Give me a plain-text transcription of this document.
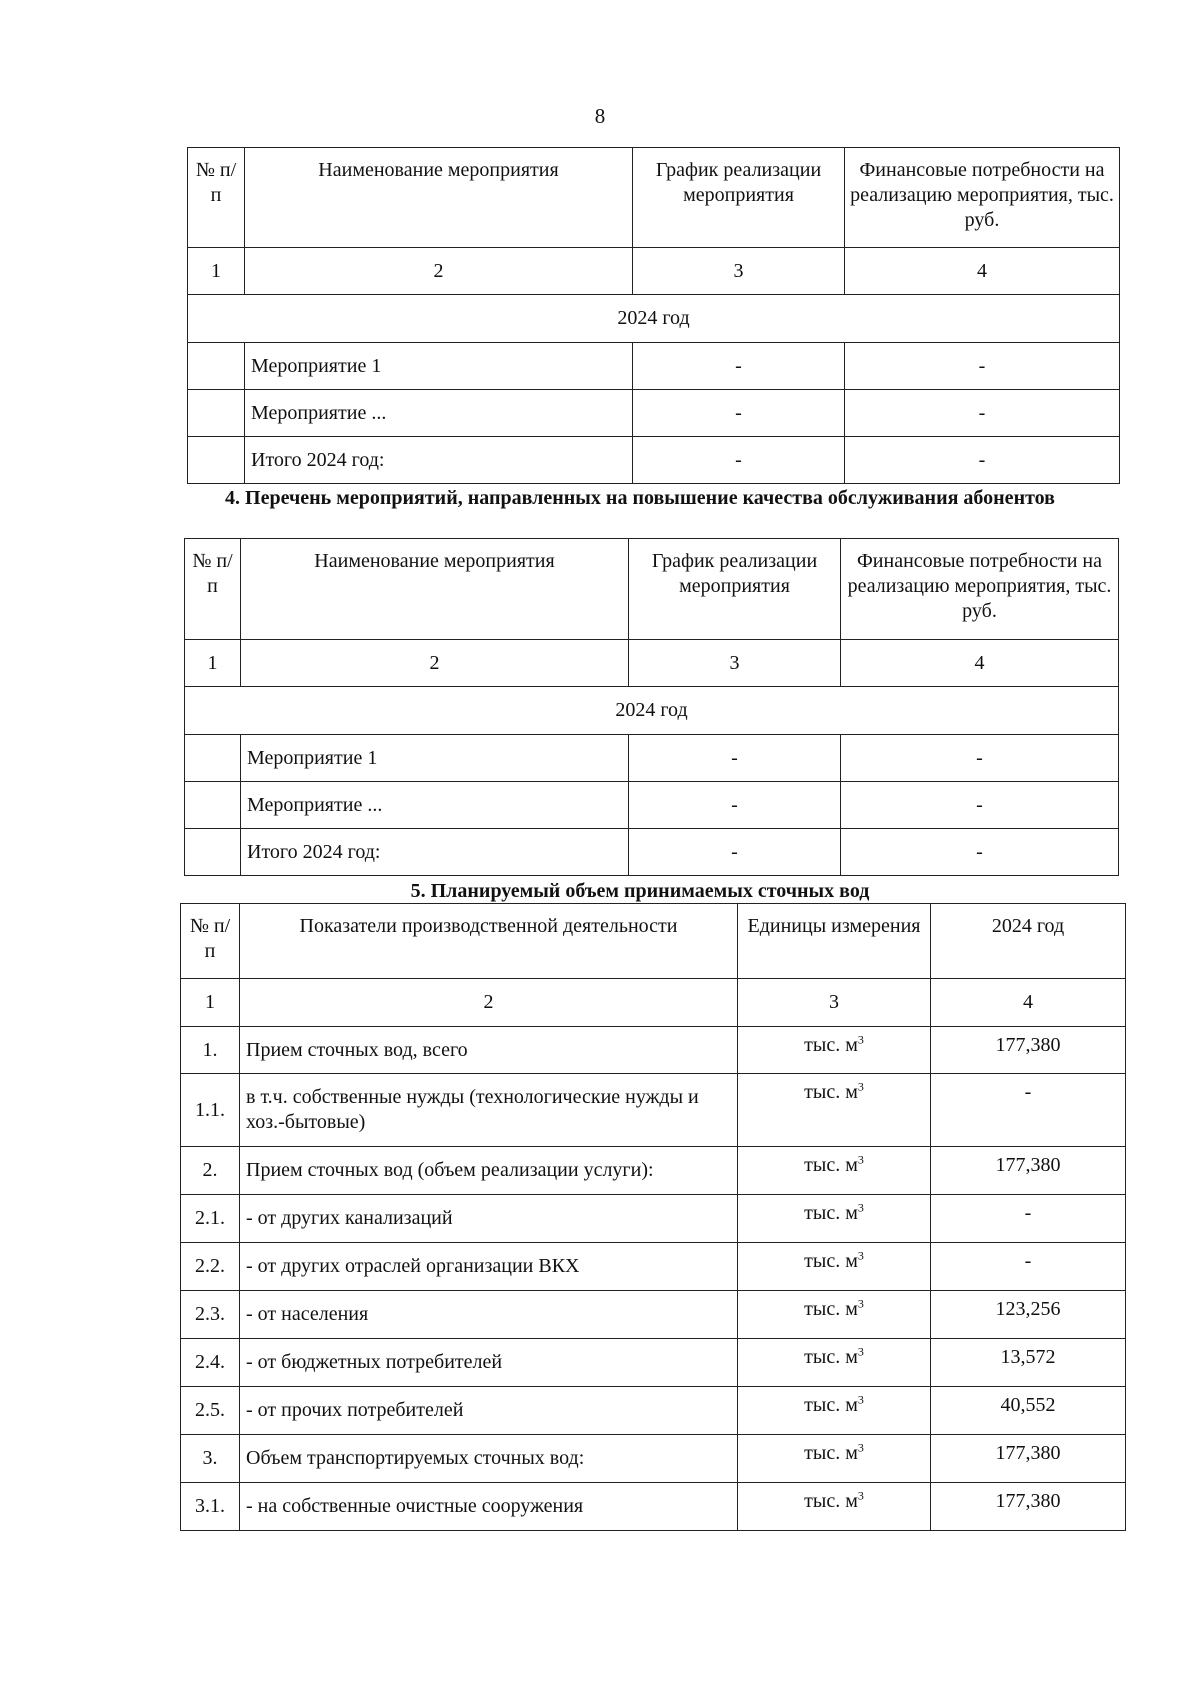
8
№ п/п	Наименование мероприятия	График реализации мероприятия	Финансовые потребности на реализацию мероприятия, тыс. руб.
1	2	3	4
2024 год			
	Мероприятие 1	-	-
	Мероприятие ...	-	-
	Итого 2024 год:	-	-
4. Перечень мероприятий, направленных на повышение качества обслуживания абонентов
№ п/п	Наименование мероприятия	График реализации мероприятия	Финансовые потребности на реализацию мероприятия, тыс. руб.
1	2	3	4
2024 год			
	Мероприятие 1	-	-
	Мероприятие ...	-	-
	Итого 2024 год:	-	-
5. Планируемый объем принимаемых сточных вод
№ п/п	Показатели производственной деятельности	Единицы измерения	2024 год
1	2	3	4
1.	Прием сточных вод, всего	тыс. $м^3$	177,380
1.1.	в т.ч. собственные нужды (технологические нужды и хоз.-бытовые)	тыс. $м^3$	-
2.	Прием сточных вод (объем реализации услуги):	тыс. $м^3$	177,380
2.1.	- от других канализаций	тыс. $м^3$	-
2.2.	- от других отраслей организации ВКХ	тыс. $м^3$	-
2.3.	- от населения	тыс. $м^3$	123,256
2.4.	- от бюджетных потребителей	тыс. $м^3$	13,572
2.5.	- от прочих потребителей	тыс. $м^3$	40,552
3.	Объем транспортируемых сточных вод:	тыс. $м^3$	177,380
3.1.	- на собственные очистные сооружения	тыс. $м^3$	177,380
